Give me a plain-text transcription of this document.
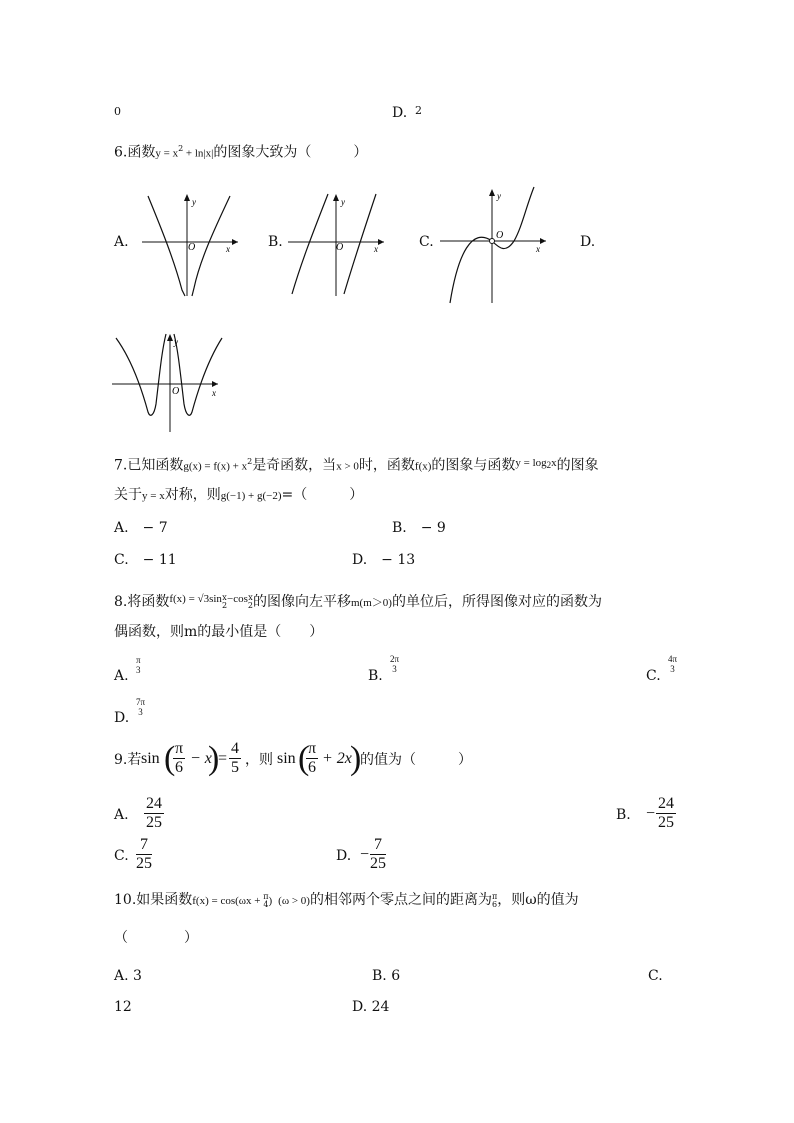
0	D. 2
6.函数$y = x^2 + \ln|x|$的图象大致为（　　　）
A.
y
x
O	B.
y
x
O	C.
y
x
O	D.
y
x
O
7.已知函数$g(x) = f(x) + x^2$是奇函数，当x > 0时，函数f(x)的图象与函数$^{y = log}$2$^x$的图象
关于y = x对称，则g(−1) + g(−2)=（　　　）
A.　− 7	B.　− 9
C.　− 11	D.　− 13
8.将函数$^{f(x) = √3sin}$ x
2
$^{-cos}$ x
2 的图像向左平移m(m＞0)的单位后，所得图像对应的函数为
偶函数，则m的最小值是（　　）
A.
π
3	B.
2π
3	C.
4π
3
D.
7π
3
9.若 sin (
$\frac{\pi}{6} - x$
)
= $\frac{4}{5}$ ，则 sin (
$\frac{\pi}{6} + 2x$
)
的值为（　　　）
A. $\frac{24}{25}$	B. − $\frac{24}{25}$
C. $\frac{7}{25}$	D. − $\frac{7}{25}$
10.如果函数f(x) = cos(ωx + π
4 ) (ω > 0)的相邻两个零点之间的距离为 π
6 ，则ω的值为
（　　　　）
A. 3	B. 6	C.
12	D. 24
